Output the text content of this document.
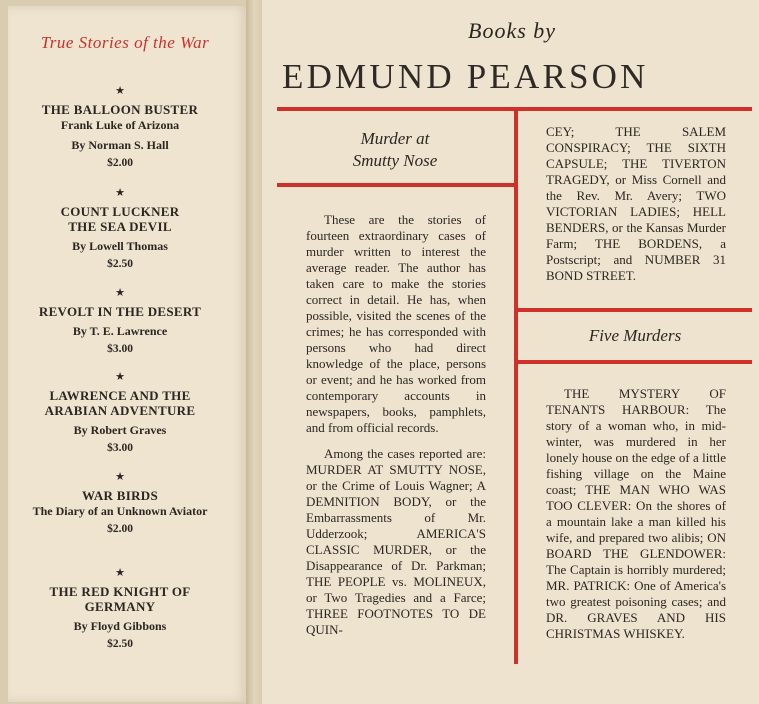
True Stories of the War
★
THE BALLOON BUSTER
Frank Luke of Arizona
By Norman S. Hall
$2.00
★
COUNT LUCKNER THE SEA DEVIL
By Lowell Thomas
$2.50
★
REVOLT IN THE DESERT
By T. E. Lawrence
$3.00
★
LAWRENCE AND THE ARABIAN ADVENTURE
By Robert Graves
$3.00
★
WAR BIRDS
The Diary of an Unknown Aviator
$2.00
★
THE RED KNIGHT OF GERMANY
By Floyd Gibbons
$2.50
Books by
EDMUND PEARSON
Murder at
Smutty Nose

These are the stories of fourteen extraordinary cases of murder written to interest the average reader. The author has taken care to make the stories correct in detail. He has, when possible, visited the scenes of the crimes; he has corresponded with persons who had direct knowledge of the place, persons or event; and he has worked from contemporary accounts in newspapers, books, pamphlets, and from official records.

Among the cases reported are: MURDER AT SMUTTY NOSE, or the Crime of Louis Wagner; A DEMNITION BODY, or the Embarrassments of Mr. Udderzook; AMERICA'S CLASSIC MURDER, or the Disappearance of Dr. Parkman; THE PEOPLE vs. MOLINEUX, or Two Tragedies and a Farce; THREE FOOTNOTES TO DE QUIN-

CEY; THE SALEM CONSPIRACY; THE SIXTH CAPSULE; THE TIVERTON TRAGEDY, or Miss Cornell and the Rev. Mr. Avery; TWO VICTORIAN LADIES; HELL BENDERS, or the Kansas Murder Farm; THE BORDENS, a Postscript; and NUMBER 31 BOND STREET.

Five Murders

THE MYSTERY OF TENANTS HARBOUR: The story of a woman who, in mid-winter, was murdered in her lonely house on the edge of a little fishing village on the Maine coast; THE MAN WHO WAS TOO CLEVER: On the shores of a mountain lake a man killed his wife, and prepared two alibis; ON BOARD THE GLENDOWER: The Captain is horribly murdered; MR. PATRICK: One of America's two greatest poisoning cases; and DR. GRAVES AND HIS CHRISTMAS WHISKEY.
